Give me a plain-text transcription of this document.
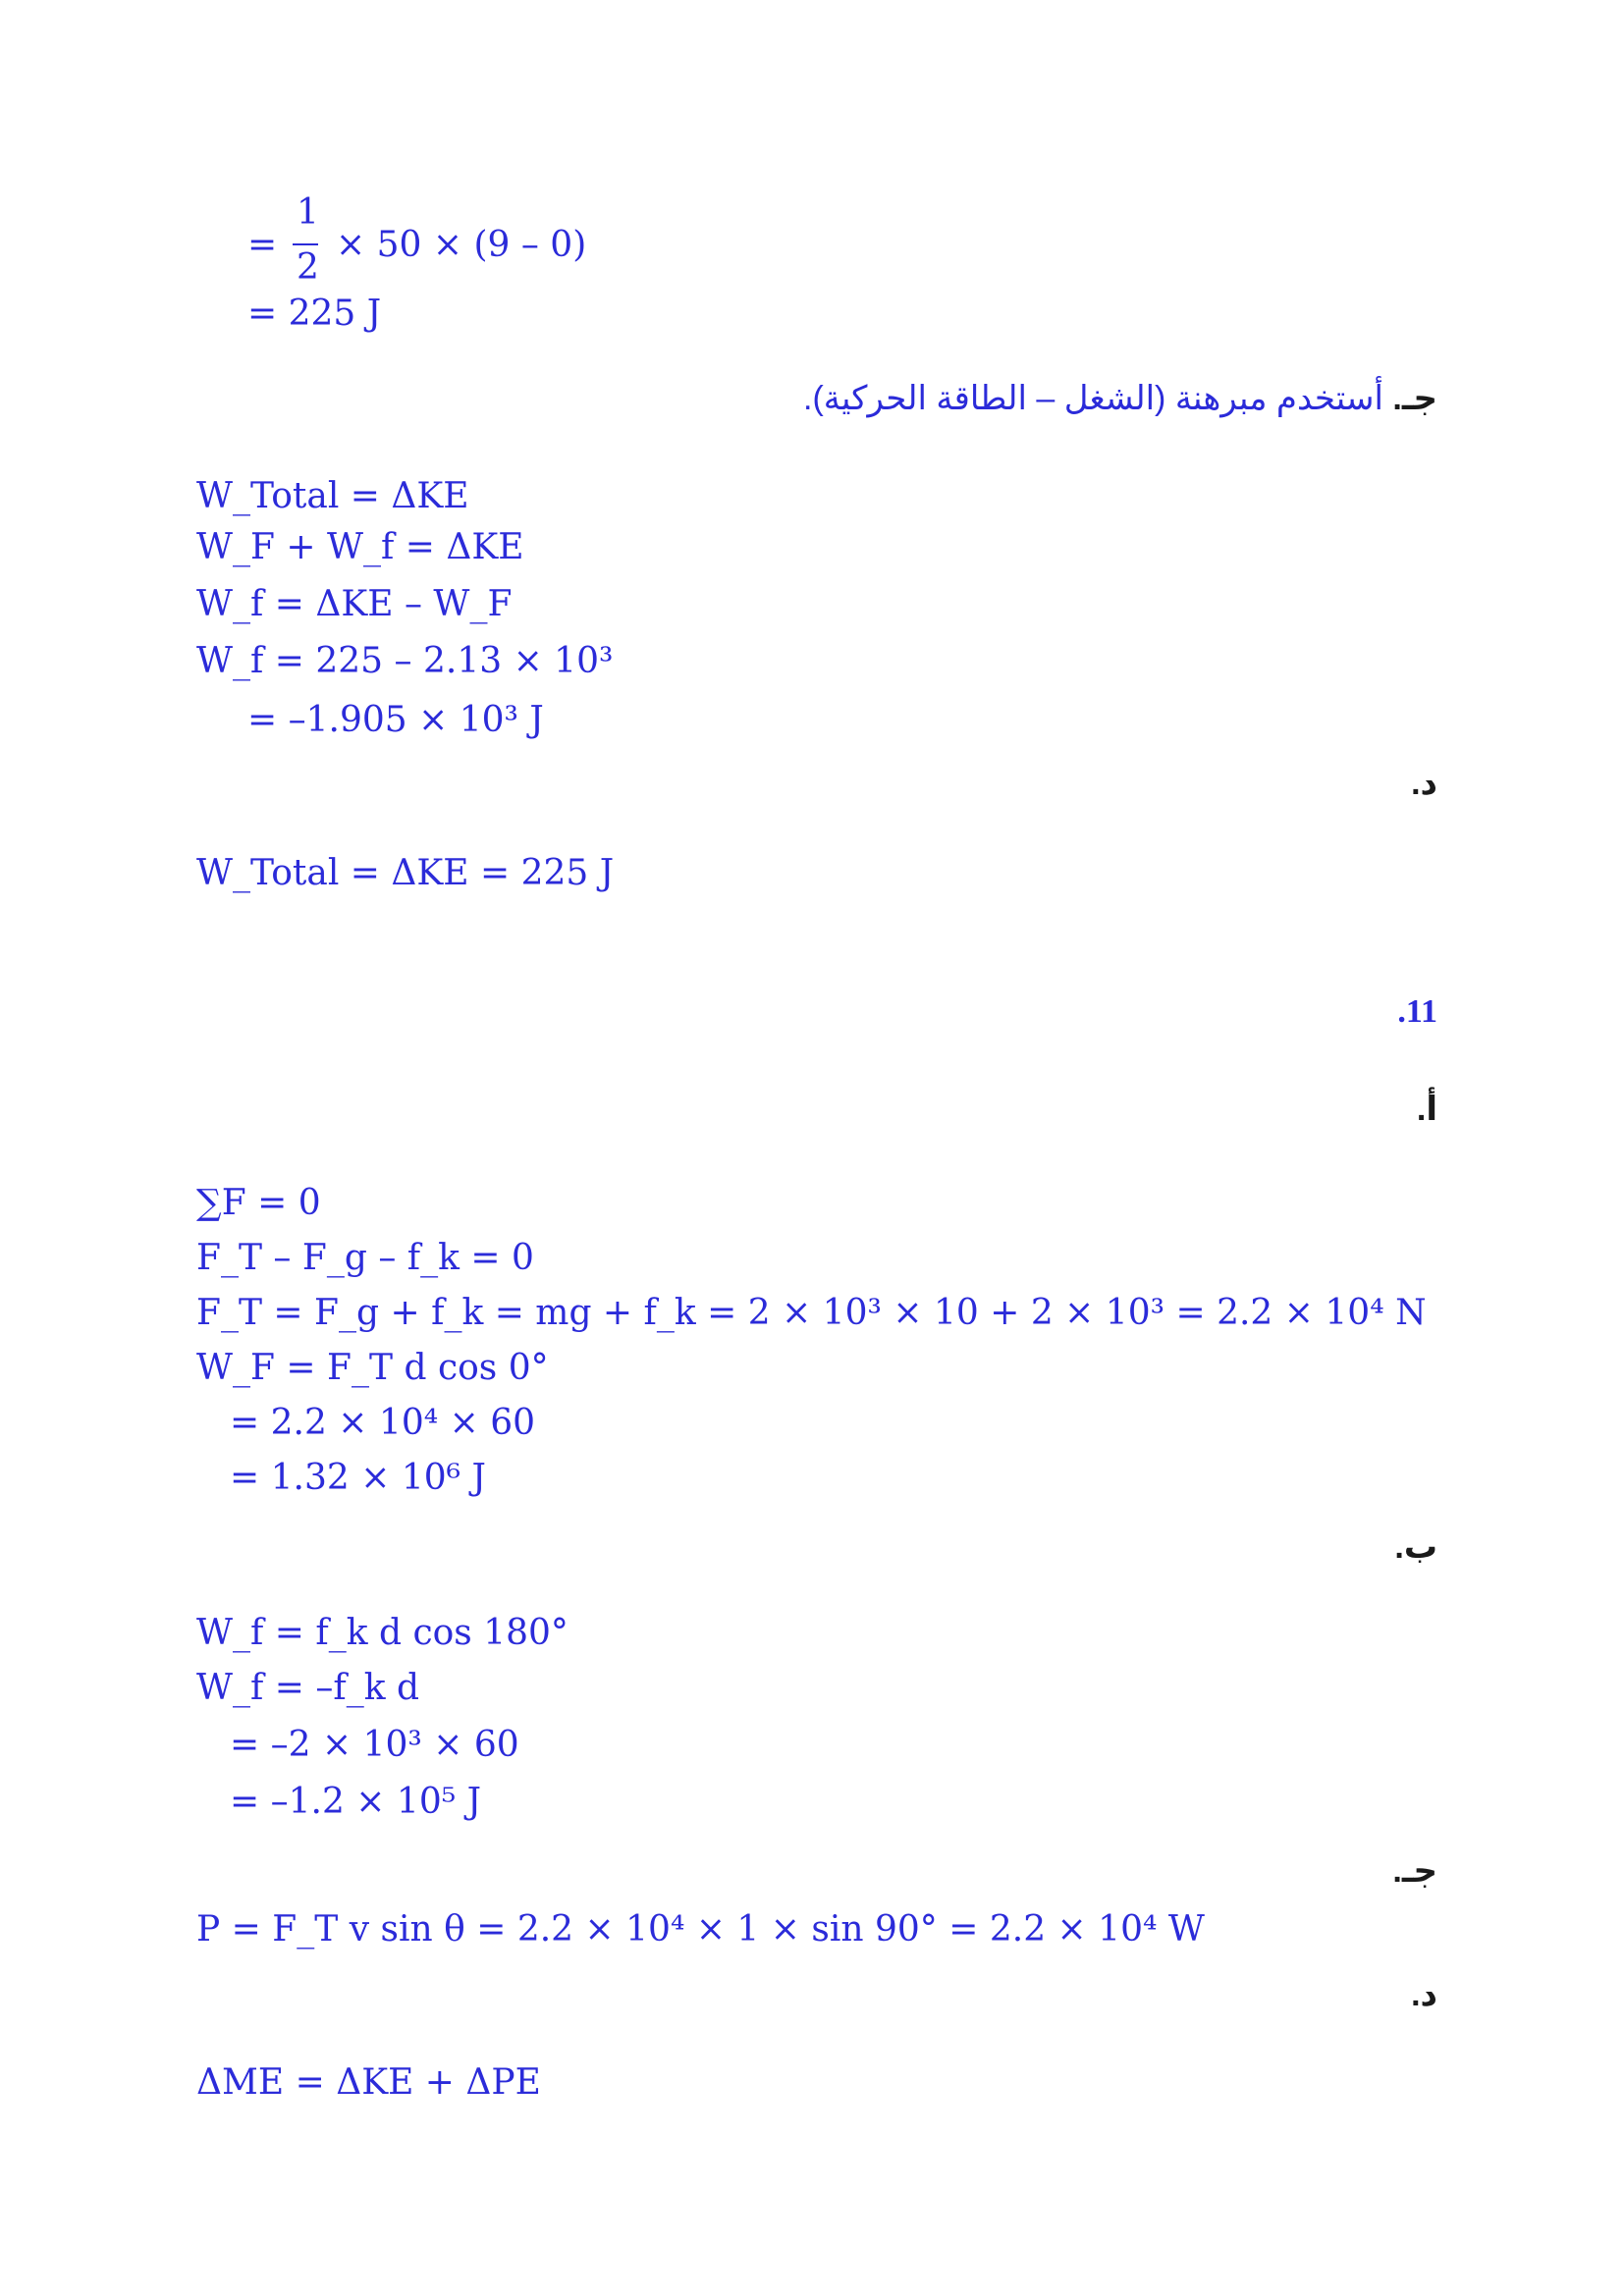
=
1
2
× 50 × (9 – 0)
= 225 J
جـ. أستخدم مبرهنة (الشغل – الطاقة الحركية).
W_Total = ΔKE
W_F + W_f = ΔKE
W_f = ΔKE – W_F
W_f = 225 – 2.13 × 10³
= –1.905 × 10³ J
د.
W_Total = ΔKE = 225 J
.11
أ.
∑F = 0
F_T – F_g – f_k = 0
F_T = F_g + f_k = mg + f_k = 2 × 10³ × 10 + 2 × 10³ = 2.2 × 10⁴ N
W_F = F_T d cos 0°
= 2.2 × 10⁴ × 60
= 1.32 × 10⁶ J
ب.
W_f = f_k d cos 180°
W_f = –f_k d
= –2 × 10³ × 60
= –1.2 × 10⁵ J
جـ.
P = F_T v sin θ = 2.2 × 10⁴ × 1 × sin 90° = 2.2 × 10⁴ W
د.
ΔME = ΔKE + ΔPE
